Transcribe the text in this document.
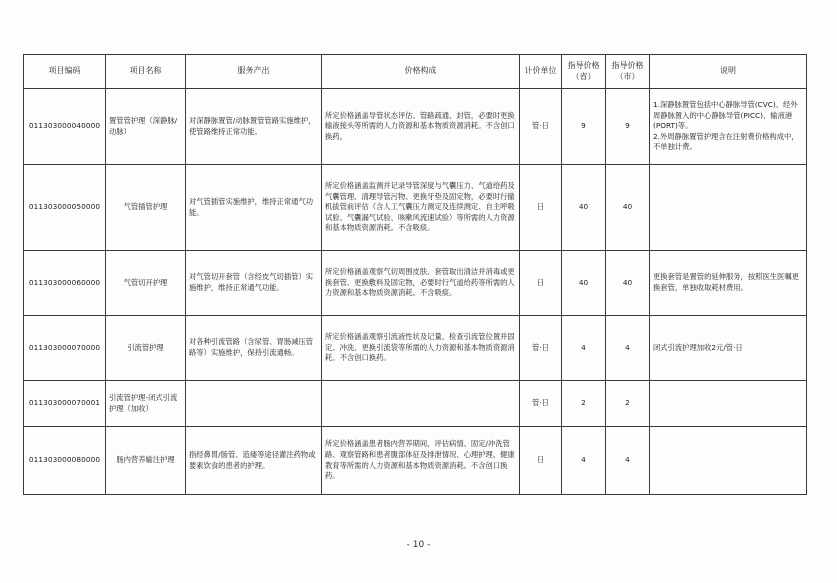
项目编码	项目名称	服务产出	价格构成	计价单位	指导价格（省）	指导价格（市）	说明
011303000040000	置管管护理（深静脉/动脉）	对深静脉置管/动脉置管管路实施维护，使管路维持正常功能。	所定价格涵盖导管状态评估、管路疏通、封管，必要时更换输液接头等所需的人力资源和基本物质资源消耗。不含创口换药。	管·日	9	9	1.深静脉置管包括中心静脉导管(CVC)、经外周静脉置入的中心静脉导管(PICC)、输液港(PORT)等。
2.外周静脉置管护理含在注射费价格构成中，不单独计费。
011303000050000	气管插管护理	对气管插管实施维护，维持正常通气功能。	所定价格涵盖监测并记录导管深度与气囊压力、气道给药及气囊管理、清理导管污物、更换牙垫及固定物，必要时行撤机拔管前评估（含人工气囊压力测定及连续测定、自主呼吸试验、气囊漏气试验、咳嗽风流速试验）等所需的人力资源和基本物质资源消耗。不含吸痰。	日	40	40	
011303000060000	气管切开护理	对气管切开套管（含经皮气切插管）实施维护，维持正常通气功能。	所定价格涵盖观察气切周围皮肤、套管取出清洁并消毒或更换套管、更换敷料及固定物，必要时行气道给药等所需的人力资源和基本物质资源消耗。不含吸痰。	日	40	40	更换套管是置管的延伸服务，按照医生医嘱更换套管，单独收取耗材费用。
011303000070000	引流管护理	对各种引流管路（含尿管、胃肠减压管路等）实施维护，保持引流通畅。	所定价格涵盖观察引流液性状及记量、检查引流管位置并固定、冲洗、更换引流袋等所需的人力资源和基本物质资源消耗。不含创口换药。	管·日	4	4	闭式引流护理加收2元/管·日
011303000070001	引流管护理-闭式引流护理（加收）			管·日	2	2	
011303000080000	肠内营养输注护理	指经鼻胃/肠管、造瘘等途径灌注药物或要素饮食的患者的护理。	所定价格涵盖患者肠内营养期间，评估病情、固定/冲洗管路、观察管路和患者腹部体征及排泄情况、心理护理、健康教育等所需的人力资源和基本物质资源消耗。不含创口换药。	日	4	4	
- 10 -
